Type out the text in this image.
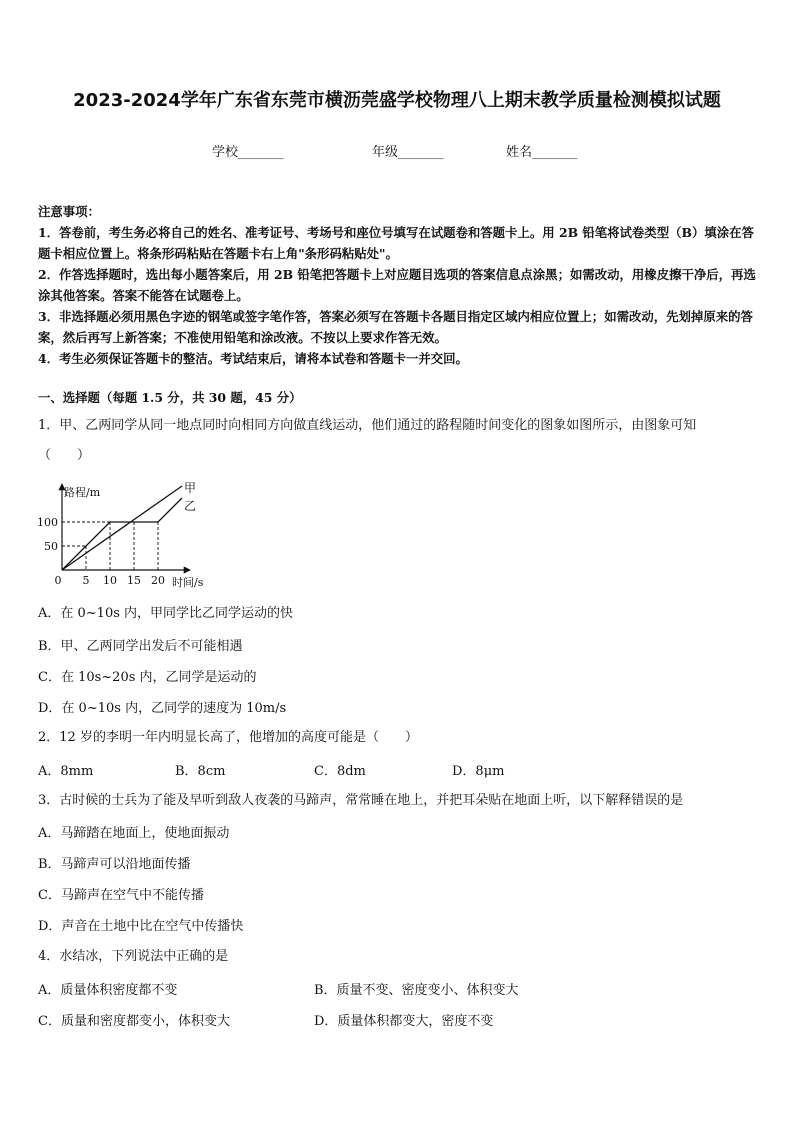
2023-2024学年广东省东莞市横沥莞盛学校物理八上期末教学质量检测模拟试题
学校_______	年级_______	姓名_______
注意事项：
1．答卷前，考生务必将自己的姓名、准考证号、考场号和座位号填写在试题卷和答题卡上。用 2B 铅笔将试卷类型（B）填涂在答题卡相应位置上。将条形码粘贴在答题卡右上角"条形码粘贴处"。
2．作答选择题时，选出每小题答案后，用 2B 铅笔把答题卡上对应题目选项的答案信息点涂黑；如需改动，用橡皮擦干净后，再选涂其他答案。答案不能答在试题卷上。
3．非选择题必须用黑色字迹的钢笔或签字笔作答，答案必须写在答题卡各题目指定区域内相应位置上；如需改动，先划掉原来的答案，然后再写上新答案；不准使用铅笔和涂改液。不按以上要求作答无效。
4．考生必须保证答题卡的整洁。考试结束后，请将本试卷和答题卡一并交回。
一、选择题（每题 1.5 分，共 30 题，45 分）
1．甲、乙两同学从同一地点同时向相同方向做直线运动，他们通过的路程随时间变化的图象如图所示，由图象可知
（　　）
路程/m
时间/s
0 5 10 15 20
50
100
甲
乙
A．在 0~10s 内，甲同学比乙同学运动的快
B．甲、乙两同学出发后不可能相遇
C．在 10s~20s 内，乙同学是运动的
D．在 0~10s 内，乙同学的速度为 10m/s
2．12 岁的李明一年内明显长高了，他增加的高度可能是（　　）
A．8mm	B．8cm	C．8dm	D．8μm
3．古时候的士兵为了能及早听到敌人夜袭的马蹄声，常常睡在地上，并把耳朵贴在地面上听，以下解释错误的是
A．马蹄踏在地面上，使地面振动
B．马蹄声可以沿地面传播
C．马蹄声在空气中不能传播
D．声音在土地中比在空气中传播快
4．水结冰，下列说法中正确的是
A．质量体积密度都不变	B．质量不变、密度变小、体积变大
C．质量和密度都变小，体积变大	D．质量体积都变大，密度不变
